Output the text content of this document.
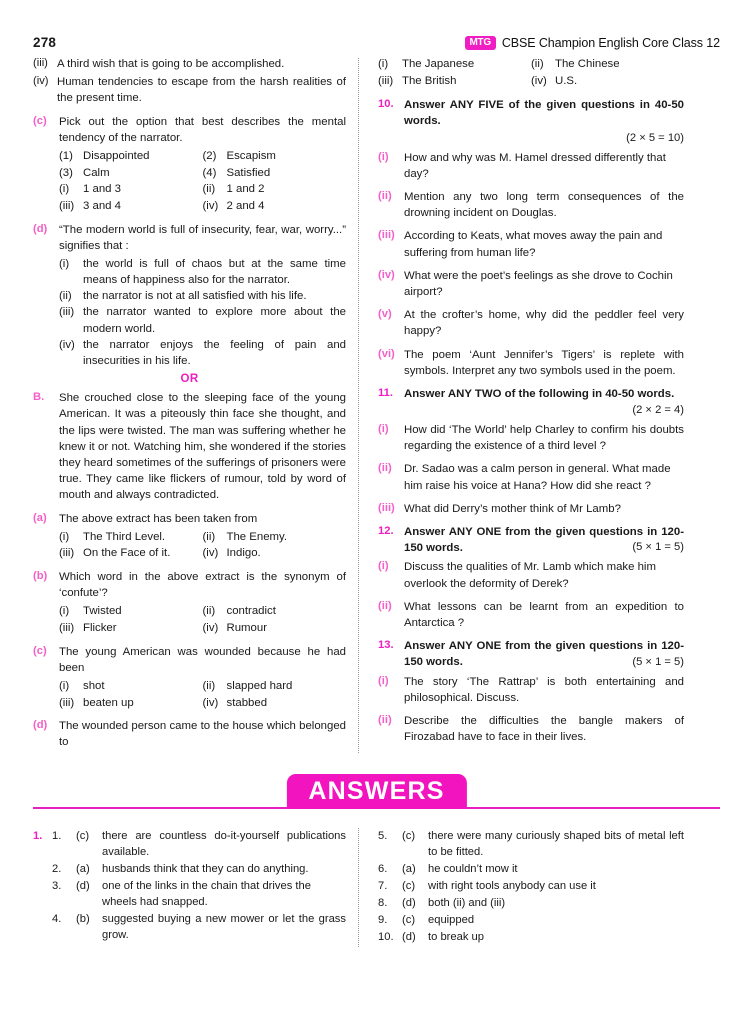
278	MTG CBSE Champion English Core Class 12
(iii) A third wish that is going to be accomplished.
(iv) Human tendencies to escape from the harsh realities of the present time.
(c)	Pick out the option that best describes the mental tendency of the narrator.
(1) Disappointed	(2) Escapism
(3) Calm	(4) Satisfied
(i)	1 and 3	(ii) 1 and 2
(iii) 3 and 4	(iv) 2 and 4
(d)	“The modern world is full of insecurity, fear, war, worry...” signifies that :
(i)	the world is full of chaos but at the same time means of happiness also for the narrator.
(ii) the narrator is not at all satisfied with his life.
(iii) the narrator wanted to explore more about the modern world.
(iv) the narrator enjoys the feeling of pain and insecurities in his life.
OR
B.	She crouched close to the sleeping face of the young American. It was a piteously thin face she thought, and the lips were twisted. The man was suffering whether he knew it or not. Watching him, she wondered if the stories they heard sometimes of the sufferings of prisoners were true. They came like flickers of rumour, told by word of mouth and always contradicted.
(a)	The above extract has been taken from
(i)	The Third Level.	(ii) The Enemy.
(iii) On the Face of it.	(iv) Indigo.
(b)	Which word in the above extract is the synonym of ‘confute’?
(i)	Twisted	(ii) contradict
(iii) Flicker	(iv) Rumour
(c)	The young American was wounded because he had been
(i)	shot	(ii) slapped hard
(iii) beaten up	(iv) stabbed
(d)	The wounded person came to the house which belonged to
(i)	The Japanese	(ii) The Chinese
(iii) The British	(iv) U.S.
10. Answer ANY FIVE of the given questions in 40-50 words.
(2 × 5 = 10)
(i)	How and why was M. Hamel dressed differently that day?
(ii)	Mention any two long term consequences of the drowning incident on Douglas.
(iii) According to Keats, what moves away the pain and suffering from human life?
(iv) What were the poet’s feelings as she drove to Cochin airport?
(v)	At the crofter’s home, why did the peddler feel very happy?
(vi) The poem ‘Aunt Jennifer’s Tigers’ is replete with symbols. Interpret any two symbols used in the poem.
11. Answer ANY TWO of the following in 40-50 words.
(2 × 2 = 4)
(i)	How did ‘The World’ help Charley to confirm his doubts regarding the existence of a third level ?
(ii)	Dr. Sadao was a calm person in general. What made him raise his voice at Hana? How did she react ?
(iii) What did Derry’s mother think of Mr Lamb?
12. Answer ANY ONE from the given questions in 120-150 words.	(5 × 1 = 5)
(i)	Discuss the qualities of Mr. Lamb which make him overlook the deformity of Derek?
(ii)	What lessons can be learnt from an expedition to Antarctica ?
13. Answer ANY ONE from the given questions in 120-150 words.	(5 × 1 = 5)
(i)	The story ‘The Rattrap’ is both entertaining and philosophical. Discuss.
(ii)	Describe the difficulties the bangle makers of Firozabad have to face in their lives.
ANSWERS
1. 1.	(c)	there are countless do-it-yourself publications available.
2.	(a)	husbands think that they can do anything.
3.	(d)	one of the links in the chain that drives the wheels had snapped.
4.	(b)	suggested buying a new mower or let the grass grow.
5.	(c)	there were many curiously shaped bits of metal left to be fitted.
6.	(a)	he couldn’t mow it
7.	(c)	with right tools anybody can use it
8.	(d)	both (ii) and (iii)
9.	(c)	equipped
10. (d)	to break up
